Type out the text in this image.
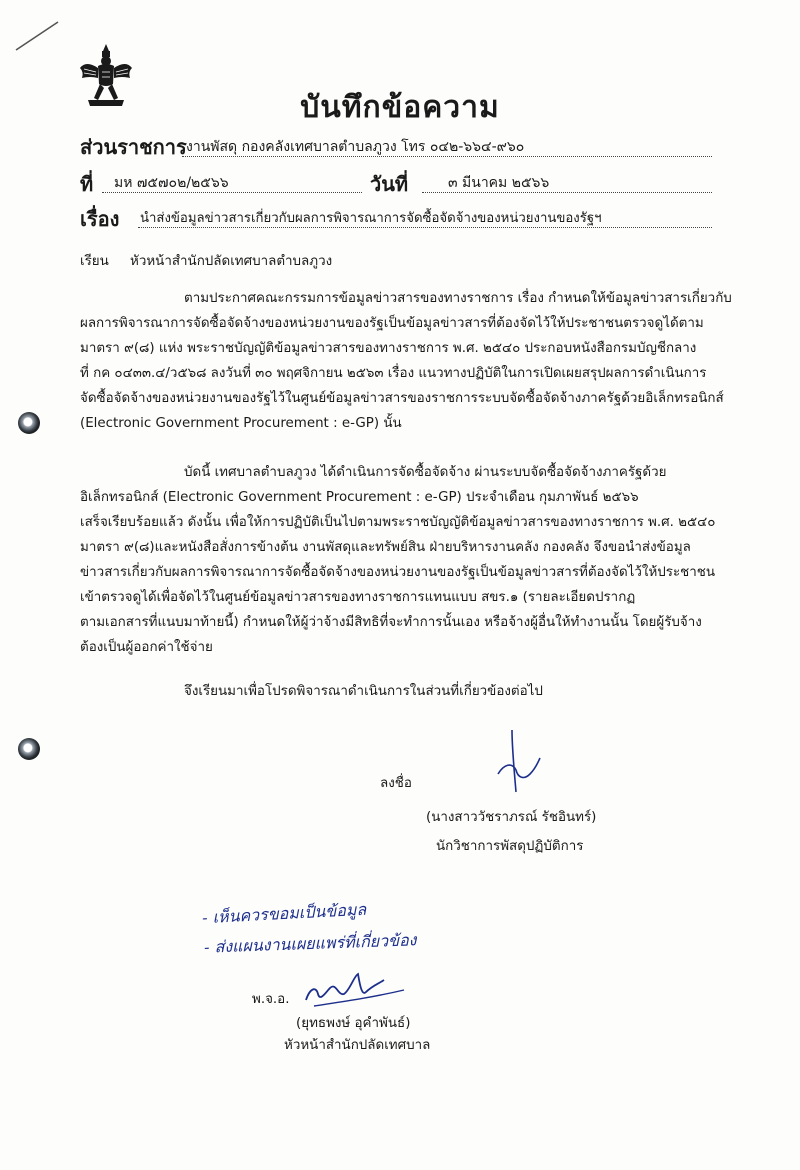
บันทึกข้อความ
ส่วนราชการ งานพัสดุ กองคลังเทศบาลตำบลภูวง โทร ๐๔๒-๖๖๔-๙๖๐
ที่ มห ๗๕๗๐๒/๒๕๖๖	วันที่	๓ มีนาคม ๒๕๖๖
เรื่อง นำส่งข้อมูลข่าวสารเกี่ยวกับผลการพิจารณาการจัดซื้อจัดจ้างของหน่วยงานของรัฐฯ
เรียน หัวหน้าสำนักปลัดเทศบาลตำบลภูวง
ตามประกาศคณะกรรมการข้อมูลข่าวสารของทางราชการ เรื่อง กำหนดให้ข้อมูลข่าวสารเกี่ยวกับ
ผลการพิจารณาการจัดซื้อจัดจ้างของหน่วยงานของรัฐเป็นข้อมูลข่าวสารที่ต้องจัดไว้ให้ประชาชนตรวจดูได้ตาม
มาตรา ๙(๘) แห่ง พระราชบัญญัติข้อมูลข่าวสารของทางราชการ พ.ศ. ๒๕๔๐ ประกอบหนังสือกรมบัญชีกลาง
ที่ กค ๐๔๓๓.๔/ว๕๖๘ ลงวันที่ ๓๐ พฤศจิกายน ๒๕๖๓ เรื่อง แนวทางปฏิบัติในการเปิดเผยสรุปผลการดำเนินการ
จัดซื้อจัดจ้างของหน่วยงานของรัฐไว้ในศูนย์ข้อมูลข่าวสารของราชการระบบจัดซื้อจัดจ้างภาครัฐด้วยอิเล็กทรอนิกส์
(Electronic Government Procurement : e-GP) นั้น
บัดนี้ เทศบาลตำบลภูวง ได้ดำเนินการจัดซื้อจัดจ้าง ผ่านระบบจัดซื้อจัดจ้างภาครัฐด้วย
อิเล็กทรอนิกส์ (Electronic Government Procurement : e-GP) ประจำเดือน กุมภาพันธ์ ๒๕๖๖
เสร็จเรียบร้อยแล้ว ดังนั้น เพื่อให้การปฏิบัติเป็นไปตามพระราชบัญญัติข้อมูลข่าวสารของทางราชการ พ.ศ. ๒๕๔๐
มาตรา ๙(๘)และหนังสือสั่งการข้างต้น งานพัสดุและทรัพย์สิน ฝ่ายบริหารงานคลัง กองคลัง จึงขอนำส่งข้อมูล
ข่าวสารเกี่ยวกับผลการพิจารณาการจัดซื้อจัดจ้างของหน่วยงานของรัฐเป็นข้อมูลข่าวสารที่ต้องจัดไว้ให้ประชาชน
เข้าตรวจดูได้เพื่อจัดไว้ในศูนย์ข้อมูลข่าวสารของทางราชการแทนแบบ สขร.๑ (รายละเอียดปรากฏ
ตามเอกสารที่แนบมาท้ายนี้) กำหนดให้ผู้ว่าจ้างมีสิทธิที่จะทำการนั้นเอง หรือจ้างผู้อื่นให้ทำงานนั้น โดยผู้รับจ้าง
ต้องเป็นผู้ออกค่าใช้จ่าย
จึงเรียนมาเพื่อโปรดพิจารณาดำเนินการในส่วนที่เกี่ยวข้องต่อไป
ลงชื่อ
(นางสาววัชราภรณ์ รัชอินทร์)
นักวิชาการพัสดุปฏิบัติการ
- เห็นควรขอมเป็นข้อมูล
- ส่งแผนงานเผยแพร่ที่เกี่ยวข้อง
พ.จ.อ.
(ยุทธพงษ์ อุคำพันธ์)
หัวหน้าสำนักปลัดเทศบาล
